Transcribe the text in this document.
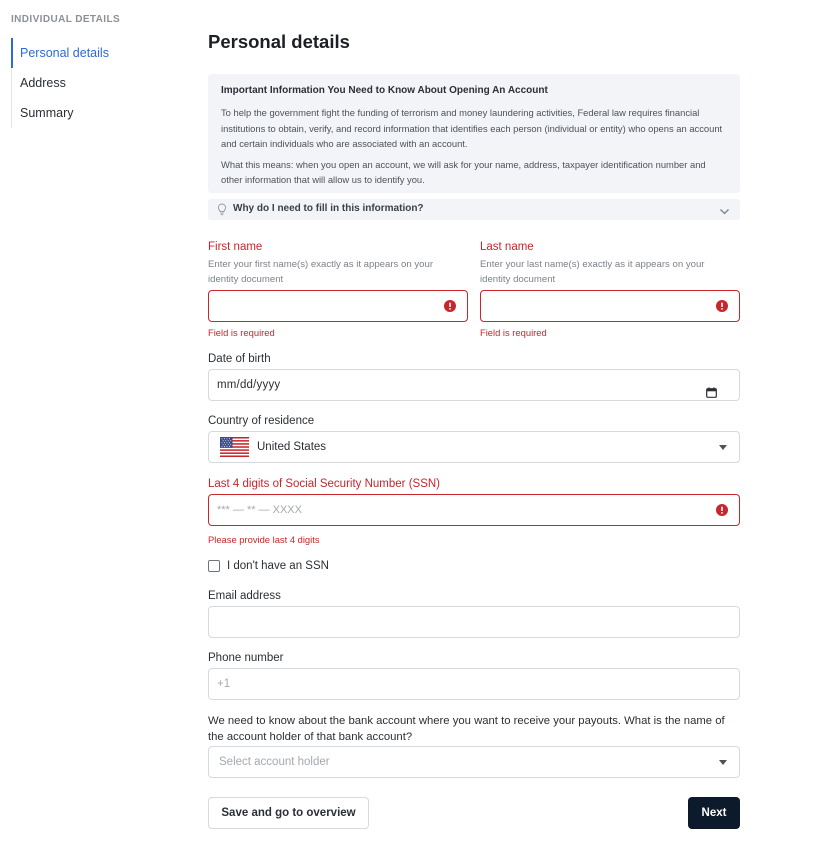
INDIVIDUAL DETAILS
Personal details
Address
Summary
Personal details
Important Information You Need to Know About Opening An Account

To help the government fight the funding of terrorism and money laundering activities, Federal law requires financial institutions to obtain, verify, and record information that identifies each person (individual or entity) who opens an account and certain individuals who are associated with an account.

What this means: when you open an account, we will ask for your name, address, taxpayer identification number and other information that will allow us to identify you.

Why do I need to fill in this information?
First name
Enter your first name(s) exactly as it appears on your identity document
Field is required
Last name
Enter your last name(s) exactly as it appears on your identity document
Field is required
Date of birth
mm/dd/yyyy
Country of residence
United States
Last 4 digits of Social Security Number (SSN)
*** — ** — XXXX
Please provide last 4 digits
I don't have an SSN
Email address
Phone number
+1
We need to know about the bank account where you want to receive your payouts. What is the name of the account holder of that bank account?
Select account holder
Save and go to overview	Next
